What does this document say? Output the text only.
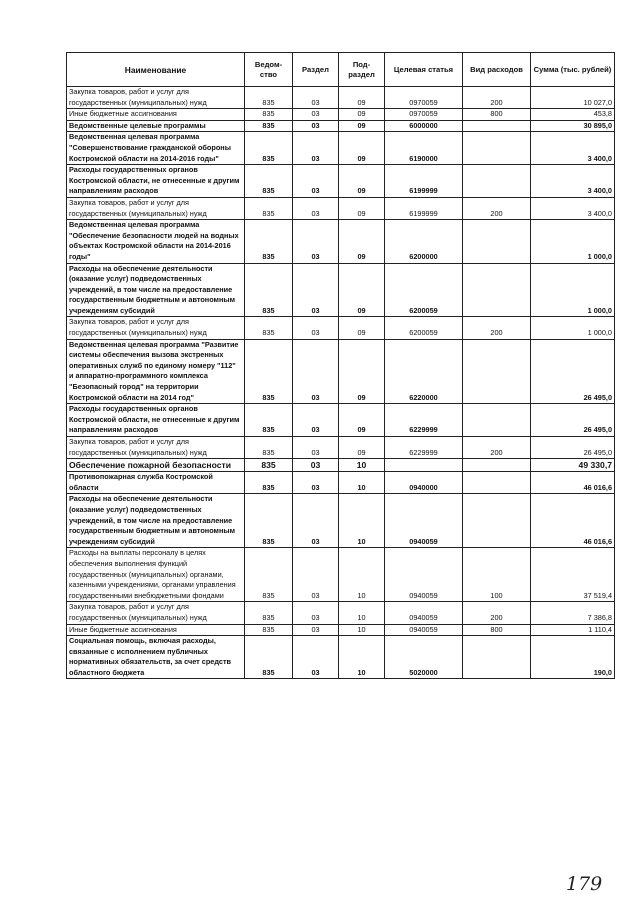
Наименование	Ведом-ство	Раздел	Под-раздел	Целевая статья	Вид расходов	Сумма (тыс. рублей)
Закупка товаров, работ и услуг для государственных (муниципальных) нужд	835	03	09	0970059	200	10 027,0
Иные бюджетные ассигнования	835	03	09	0970059	800	453,8
Ведомственные целевые программы	835	03	09	6000000		30 895,0
Ведомственная целевая программа "Совершенствование гражданской обороны Костромской области на 2014-2016 годы"	835	03	09	6190000		3 400,0
Расходы государственных органов Костромской области, не отнесенные к другим направлениям расходов	835	03	09	6199999		3 400,0
Закупка товаров, работ и услуг для государственных (муниципальных) нужд	835	03	09	6199999	200	3 400,0
Ведомственная целевая программа "Обеспечение безопасности людей на водных объектах Костромской области на 2014-2016 годы"	835	03	09	6200000		1 000,0
Расходы на обеспечение деятельности (оказание услуг) подведомственных учреждений, в том числе на предоставление государственным бюджетным и автономным учреждениям субсидий	835	03	09	6200059		1 000,0
Закупка товаров, работ и услуг для государственных (муниципальных) нужд	835	03	09	6200059	200	1 000,0
Ведомственная целевая программа "Развитие системы обеспечения вызова экстренных оперативных служб по единому номеру "112" и аппаратно-программного комплекса "Безопасный город" на территории Костромской области на 2014 год"	835	03	09	6220000		26 495,0
Расходы государственных органов Костромской области, не отнесенные к другим направлениям расходов	835	03	09	6229999		26 495,0
Закупка товаров, работ и услуг для государственных (муниципальных) нужд	835	03	09	6229999	200	26 495,0
Обеспечение пожарной безопасности	835	03	10			49 330,7
Противопожарная служба Костромской области	835	03	10	0940000		46 016,6
Расходы на обеспечение деятельности (оказание услуг) подведомственных учреждений, в том числе на предоставление государственным бюджетным и автономным учреждениям субсидий	835	03	10	0940059		46 016,6
Расходы на выплаты персоналу в целях обеспечения выполнения функций государственных (муниципальных) органами, казенными учреждениями, органами управления государственными внебюджетными фондами	835	03	10	0940059	100	37 519,4
Закупка товаров, работ и услуг для государственных (муниципальных) нужд	835	03	10	0940059	200	7 386,8
Иные бюджетные ассигнования	835	03	10	0940059	800	1 110,4
Социальная помощь, включая расходы, связанные с исполнением публичных нормативных обязательств, за счет средств областного бюджета	835	03	10	5020000		190,0
179
